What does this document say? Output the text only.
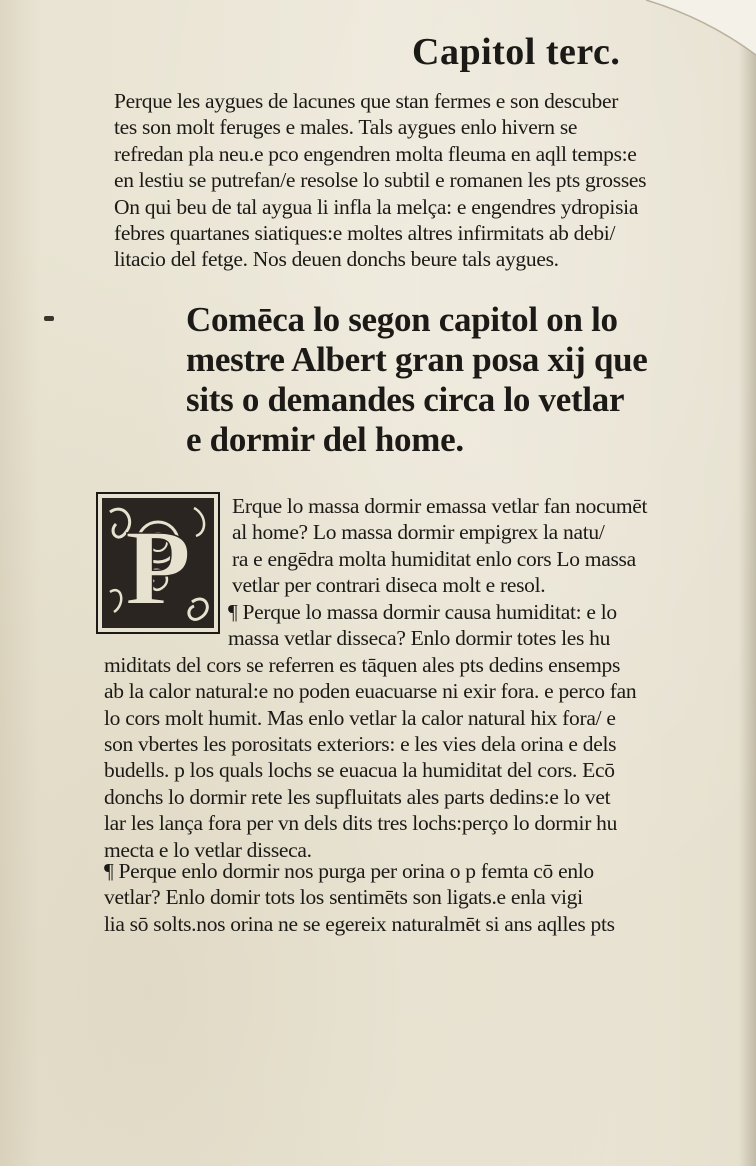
Capitol terc.
Perque les aygues de lacunes que stan fermes e son descuber
tes son molt feruges e males. Tals aygues enlo hivern se
refredan pla neu.e pco engendren molta fleuma en aqll temps:e
en lestiu se putrefan/e resolse lo subtil e romanen les pts grosses
On qui beu de tal aygua li infla la melça: e engendres ydropisia
febres quartanes siatiques:e moltes altres infirmitats ab debi/
litacio del fetge. Nos deuen donchs beure tals aygues.
Comēca lo segon capitol on lo
mestre Albert gran posa xij que
sits o demandes circa lo vetlar
e dormir del home.
P
Erque lo massa dormir emassa vetlar fan nocumēt
al home? Lo massa dormir empigrex la natu/
ra e engēdra molta humiditat enlo cors Lo massa
vetlar per contrari diseca molt e resol.
¶ Perque lo massa dormir causa humiditat: e lo
massa vetlar disseca? Enlo dormir totes les hu
miditats del cors se referren es tāquen ales pts dedins ensemps
ab la calor natural:e no poden euacuarse ni exir fora. e perco fan
lo cors molt humit. Mas enlo vetlar la calor natural hix fora/ e
son vbertes les porositats exteriors: e les vies dela orina e dels
budells. p los quals lochs se euacua la humiditat del cors. Ecō
donchs lo dormir rete les supfluitats ales parts dedins:e lo vet
lar les lança fora per vn dels dits tres lochs:perço lo dormir hu
mecta e lo vetlar disseca.
¶ Perque enlo dormir nos purga per orina o p femta cō enlo
vetlar? Enlo domir tots los sentimēts son ligats.e enla vigi
lia sō solts.nos orina ne se egereix naturalmēt si ans aqlles pts
